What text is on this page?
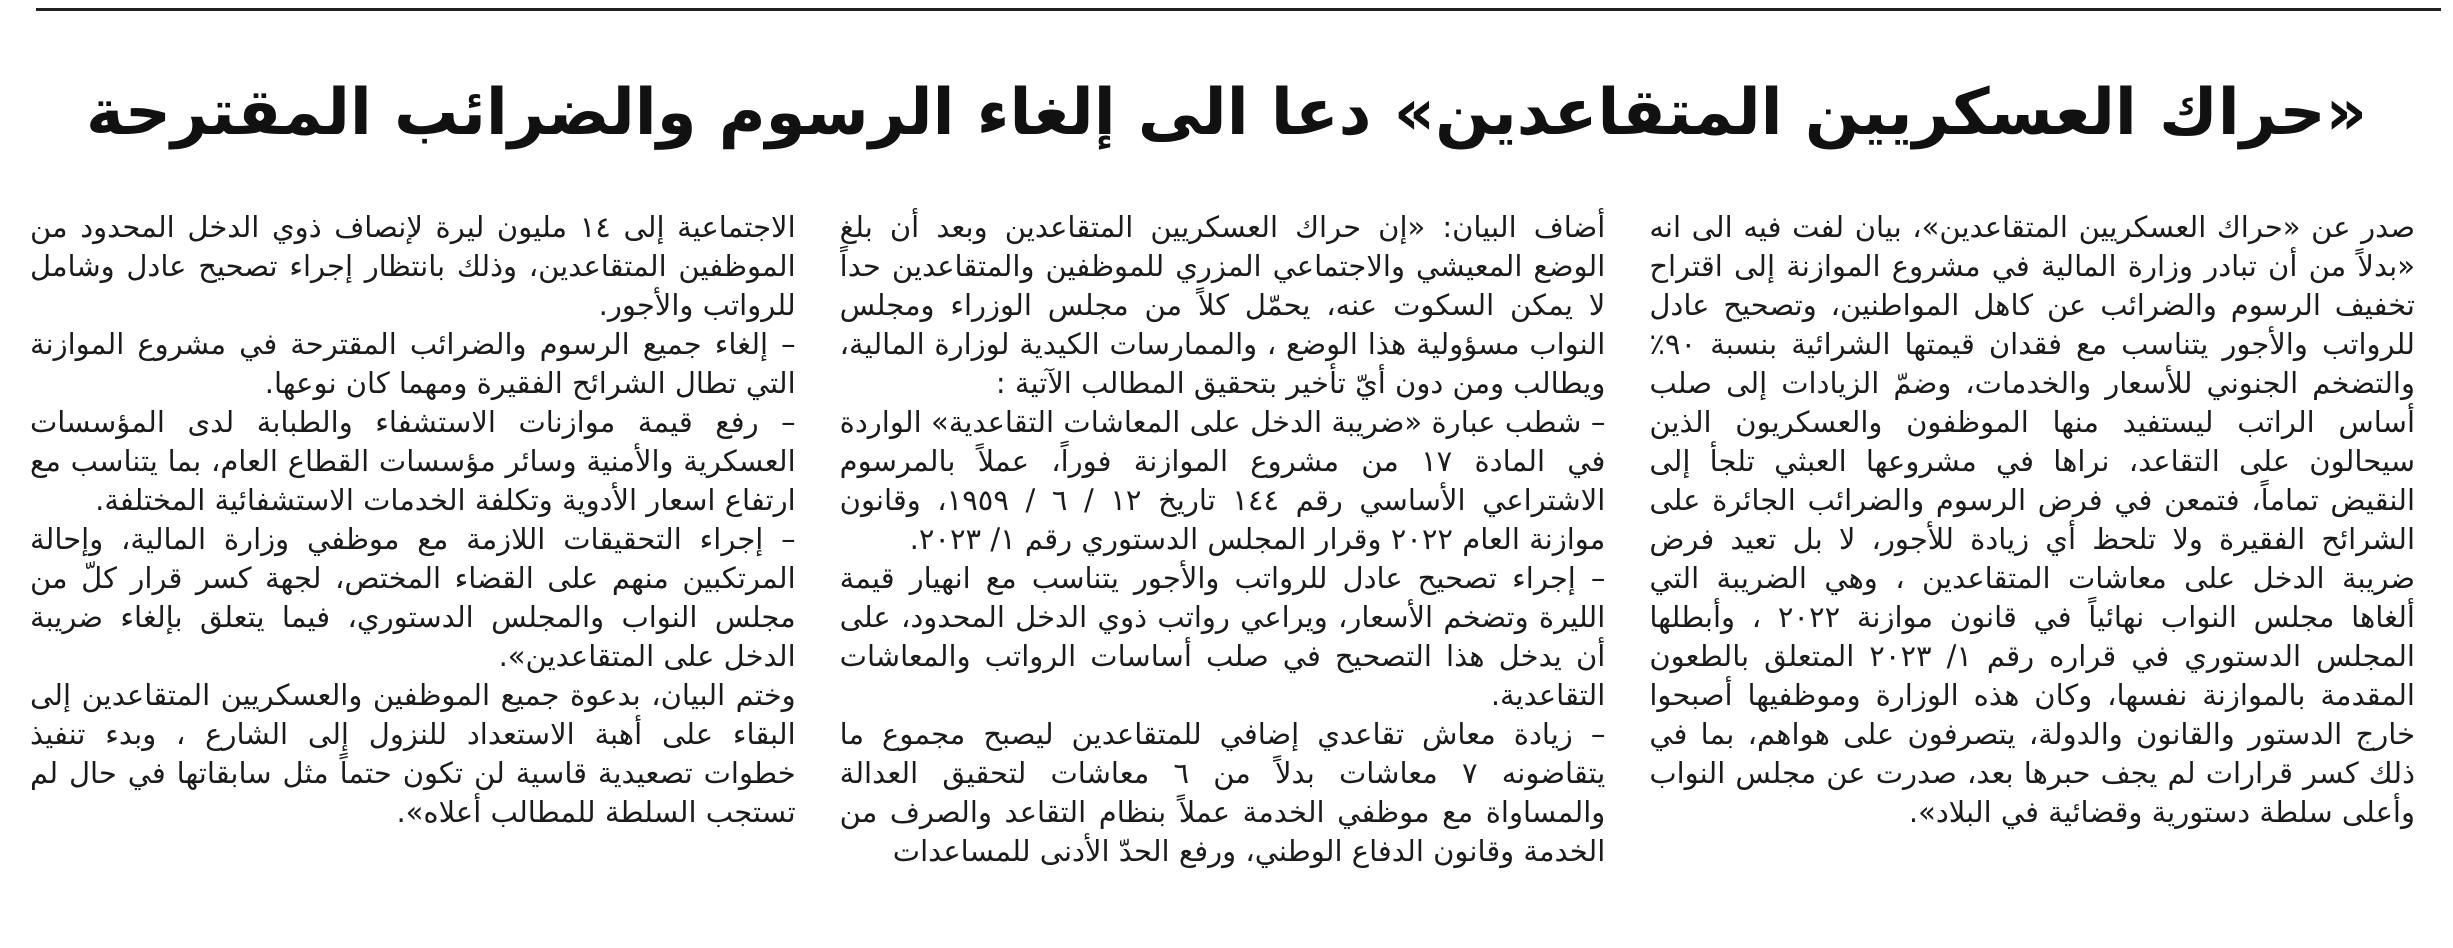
«حراك العسكريين المتقاعدين» دعا الى إلغاء الرسوم والضرائب المقترحة

صدر عن «حراك العسكريين المتقاعدين»، بيان لفت فيه الى انه «بدلاً من أن تبادر وزارة المالية في مشروع الموازنة إلى اقتراح تخفيف الرسوم والضرائب عن كاهل المواطنين، وتصحيح عادل للرواتب والأجور يتناسب مع فقدان قيمتها الشرائية بنسبة ٩٠٪ والتضخم الجنوني للأسعار والخدمات، وضمّ الزيادات إلى صلب أساس الراتب ليستفيد منها الموظفون والعسكريون الذين سيحالون على التقاعد، نراها في مشروعها العبثي تلجأ إلى النقيض تماماً، فتمعن في فرض الرسوم والضرائب الجائرة على الشرائح الفقيرة ولا تلحظ أي زيادة للأجور، لا بل تعيد فرض ضريبة الدخل على معاشات المتقاعدين ، وهي الضريبة التي ألغاها مجلس النواب نهائياً في قانون موازنة ٢٠٢٢ ، وأبطلها المجلس الدستوري في قراره رقم ١/ ٢٠٢٣ المتعلق بالطعون المقدمة بالموازنة نفسها، وكان هذه الوزارة وموظفيها أصبحوا خارج الدستور والقانون والدولة، يتصرفون على هواهم، بما في ذلك كسر قرارات لم يجف حبرها بعد، صدرت عن مجلس النواب وأعلى سلطة دستورية وقضائية في البلاد».

أضاف البيان: «إن حراك العسكريين المتقاعدين وبعد أن بلغ الوضع المعيشي والاجتماعي المزري للموظفين والمتقاعدين حداً لا يمكن السكوت عنه، يحمّل كلاً من مجلس الوزراء ومجلس النواب مسؤولية هذا الوضع ، والممارسات الكيدية لوزارة المالية، ويطالب ومن دون أيّ تأخير بتحقيق المطالب الآتية :

– شطب عبارة «ضريبة الدخل على المعاشات التقاعدية» الواردة في المادة ١٧ من مشروع الموازنة فوراً، عملاً بالمرسوم الاشتراعي الأساسي رقم ١٤٤ تاريخ ١٢ / ٦ / ١٩٥٩، وقانون موازنة العام ٢٠٢٢ وقرار المجلس الدستوري رقم ١/ ٢٠٢٣.

– إجراء تصحيح عادل للرواتب والأجور يتناسب مع انهيار قيمة الليرة وتضخم الأسعار، ويراعي رواتب ذوي الدخل المحدود، على أن يدخل هذا التصحيح في صلب أساسات الرواتب والمعاشات التقاعدية.

– زيادة معاش تقاعدي إضافي للمتقاعدين ليصبح مجموع ما يتقاضونه ٧ معاشات بدلاً من ٦ معاشات لتحقيق العدالة والمساواة مع موظفي الخدمة عملاً بنظام التقاعد والصرف من الخدمة وقانون الدفاع الوطني، ورفع الحدّ الأدنى للمساعدات

الاجتماعية إلى ١٤ مليون ليرة لإنصاف ذوي الدخل المحدود من الموظفين المتقاعدين، وذلك بانتظار إجراء تصحيح عادل وشامل للرواتب والأجور.

– إلغاء جميع الرسوم والضرائب المقترحة في مشروع الموازنة التي تطال الشرائح الفقيرة ومهما كان نوعها.

– رفع قيمة موازنات الاستشفاء والطبابة لدى المؤسسات العسكرية والأمنية وسائر مؤسسات القطاع العام، بما يتناسب مع ارتفاع اسعار الأدوية وتكلفة الخدمات الاستشفائية المختلفة.

– إجراء التحقيقات اللازمة مع موظفي وزارة المالية، وإحالة المرتكبين منهم على القضاء المختص، لجهة كسر قرار كلّ من مجلس النواب والمجلس الدستوري، فيما يتعلق بإلغاء ضريبة الدخل على المتقاعدين».

وختم البيان، بدعوة جميع الموظفين والعسكريين المتقاعدين إلى البقاء على أهبة الاستعداد للنزول إلى الشارع ، وبدء تنفيذ خطوات تصعيدية قاسية لن تكون حتماً مثل سابقاتها في حال لم تستجب السلطة للمطالب أعلاه».
